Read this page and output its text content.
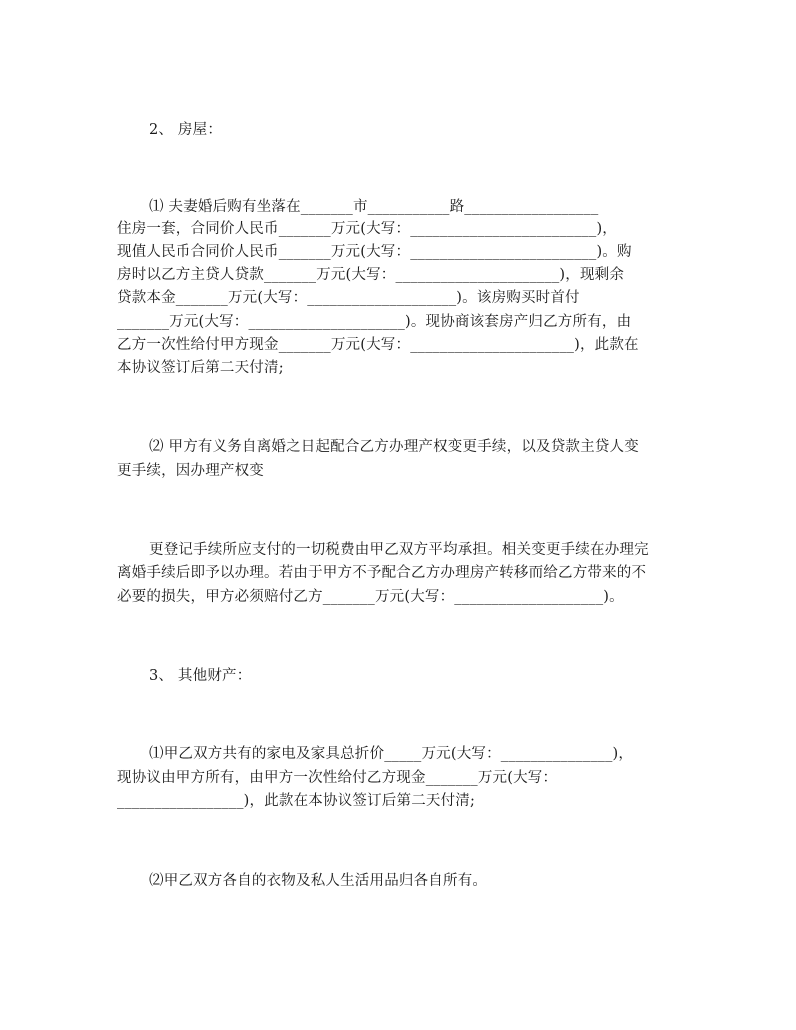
2、 房屋：
⑴ 夫妻婚后购有坐落在_______市___________路__________________
住房一套，合同价人民币_______万元(大写：_________________________)，
现值人民币合同价人民币_______万元(大写：_________________________)。购
房时以乙方主贷人贷款_______万元(大写：______________________)，现剩余
贷款本金_______万元(大写：____________________)。该房购买时首付
_______万元(大写：_____________________)。现协商该套房产归乙方所有，由
乙方一次性给付甲方现金_______万元(大写：______________________)，此款在
本协议签订后第二天付清;
⑵ 甲方有义务自离婚之日起配合乙方办理产权变更手续，以及贷款主贷人变
更手续，因办理产权变
更登记手续所应支付的一切税费由甲乙双方平均承担。相关变更手续在办理完
离婚手续后即予以办理。若由于甲方不予配合乙方办理房产转移而给乙方带来的不
必要的损失，甲方必须赔付乙方_______万元(大写：____________________)。
3、 其他财产：
⑴甲乙双方共有的家电及家具总折价_____万元(大写：_______________)，
现协议由甲方所有，由甲方一次性给付乙方现金_______万元(大写：
_________________)，此款在本协议签订后第二天付清;
⑵甲乙双方各自的衣物及私人生活用品归各自所有。
